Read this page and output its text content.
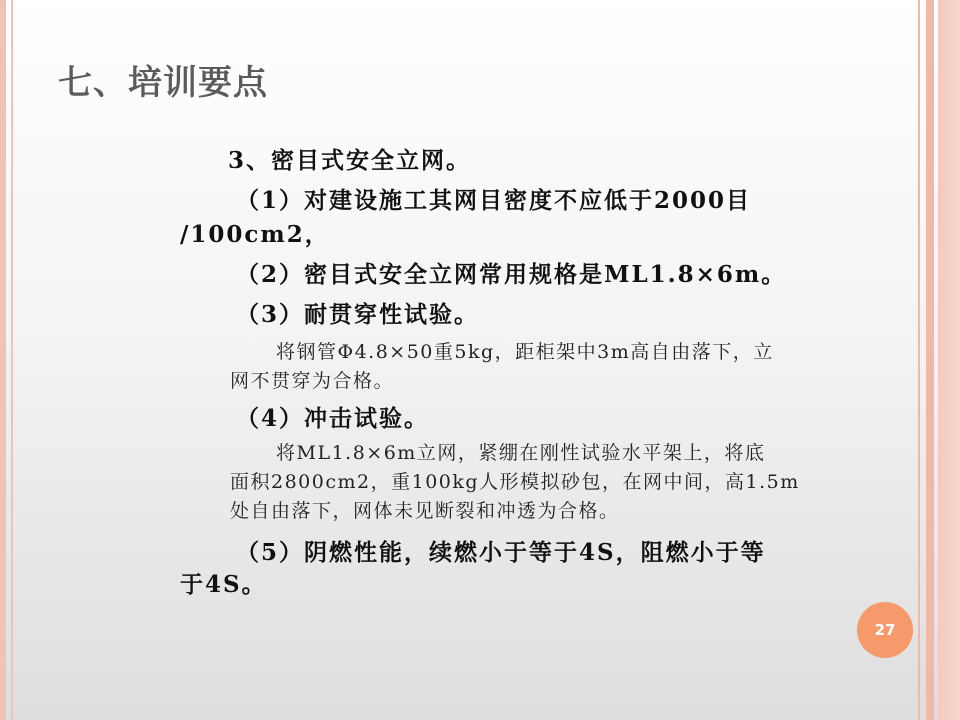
七、培训要点

3、密目式安全立网。

（1）对建设施工其网目密度不应低于2000目

/100cm2，

（2）密目式安全立网常用规格是ML1.8×6m。

（3）耐贯穿性试验。

将钢管Φ4.8×50重5kg，距柜架中3m高自由落下，立

网不贯穿为合格。

（4）冲击试验。

将ML1.8×6m立网，紧绷在刚性试验水平架上，将底

面积2800cm2，重100kg人形模拟砂包，在网中间，高1.5m

处自由落下，网体未见断裂和冲透为合格。

（5）阴燃性能，续燃小于等于4S，阻燃小于等

于4S。

27
